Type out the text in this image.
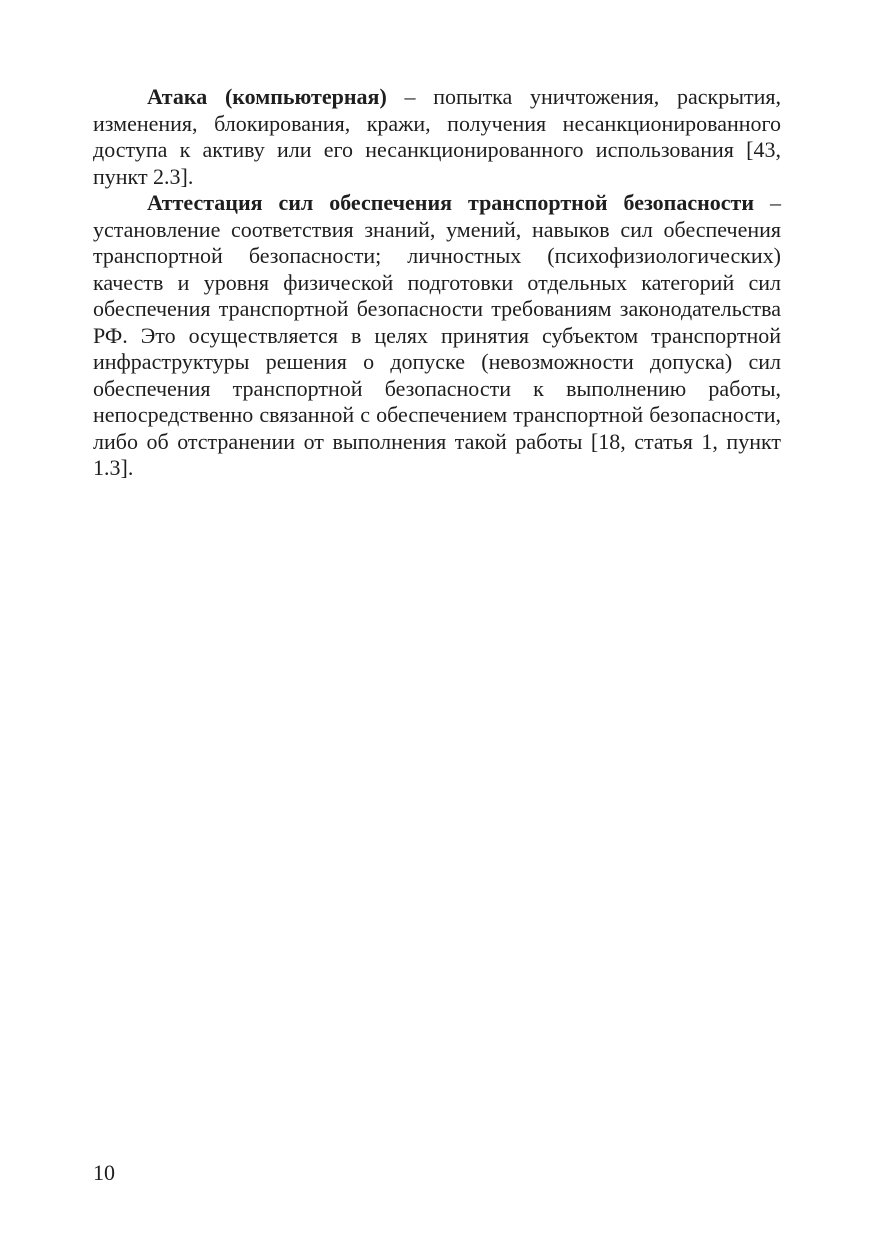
Атака (компьютерная) – попытка уничтожения, раскрытия, изменения, блокирования, кражи, получения несанкционированного доступа к активу или его несанкционированного использования [43, пункт 2.3].

Аттестация сил обеспечения транспортной безопасности – установление соответствия знаний, умений, навыков сил обеспечения транспортной безопасности; личностных (психофизиологических) качеств и уровня физической подготовки отдельных категорий сил обеспечения транспортной безопасности требованиям законодательства РФ. Это осуществляется в целях принятия субъектом транспортной инфраструктуры решения о допуске (невозможности допуска) сил обеспечения транспортной безопасности к выполнению работы, непосредственно связанной с обеспечением транспортной безопасности, либо об отстранении от выполнения такой работы [18, статья 1, пункт 1.3].

10
